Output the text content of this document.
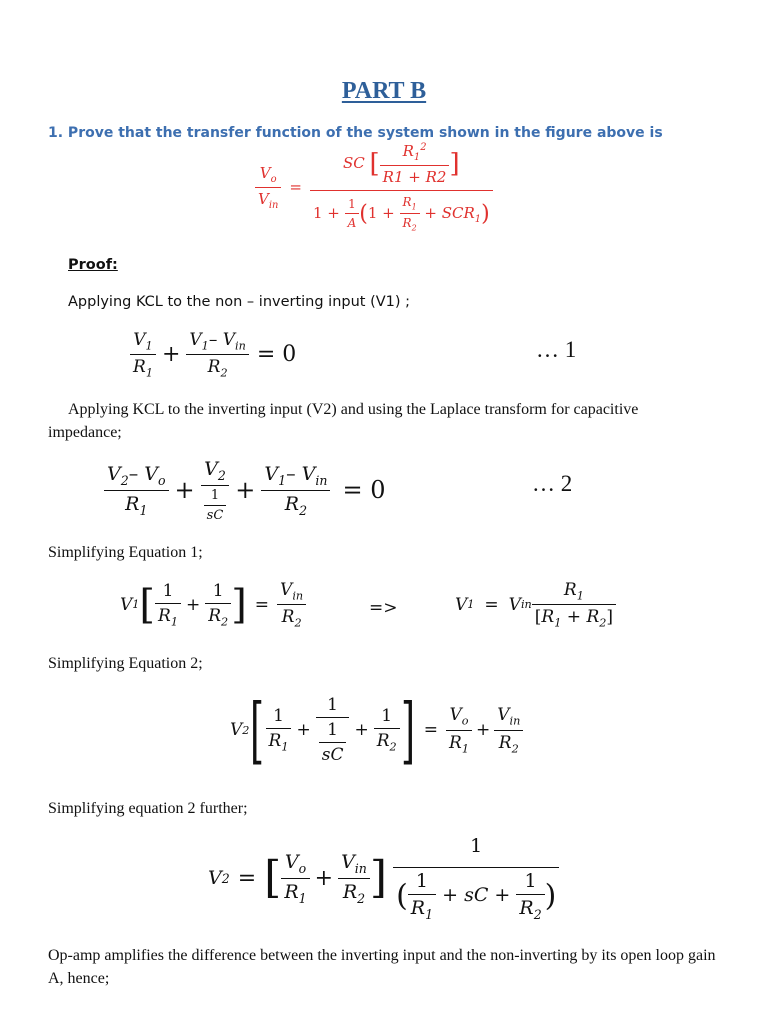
PART B
1. Prove that the transfer function of the system shown in the figure above is
$V_o$
$V_{in}$
=
SC [ $\frac{R_1^2}{R1 + R2}$ ]
$1 + \frac{1}{A} (1 + \frac{R_1}{R_2} + SCR_1)$
Proof:
Applying KCL to the non – inverting input (V1) ;
$V_1$
$R_1$
+
$V_1-$ $V_{in}$
$R_2$
= 0	… 1
Applying KCL to the inverting input (V2) and using the Laplace transform for capacitive impedance;
$V_2-$ $V_o$
$R_1$
+ $\frac{V_2}{\frac{1}{sC}}$ +
$V_1-$ $V_{in}$
$R_2$
= 0	… 2
Simplifying Equation 1;
V 1 [ 1
$R_1$
+ $\frac{1}{R_2}$ ] =
$V_{in}$
$R_2$
=>	V 1 = V in
$R_1$
$[R_1 + R_2]$
Simplifying Equation 2;
V 2 [ 1
$R_1$
+ $\frac{1}{\frac{1}{sC}} + \frac{1}{R_2}$ ] = $\frac{V_o}{R_1}$ +
$V_{in}$
$R_2$
Simplifying equation 2 further;
V 2 = [ $V_o$
$R_1$
+
$V_{in}$
$R_2$ ]
1
( $\frac{1}{R_1}$ + sC + $\frac{1}{R_2}$ )
Op-amp amplifies the difference between the inverting input and the non-inverting by its open loop gain A, hence;
